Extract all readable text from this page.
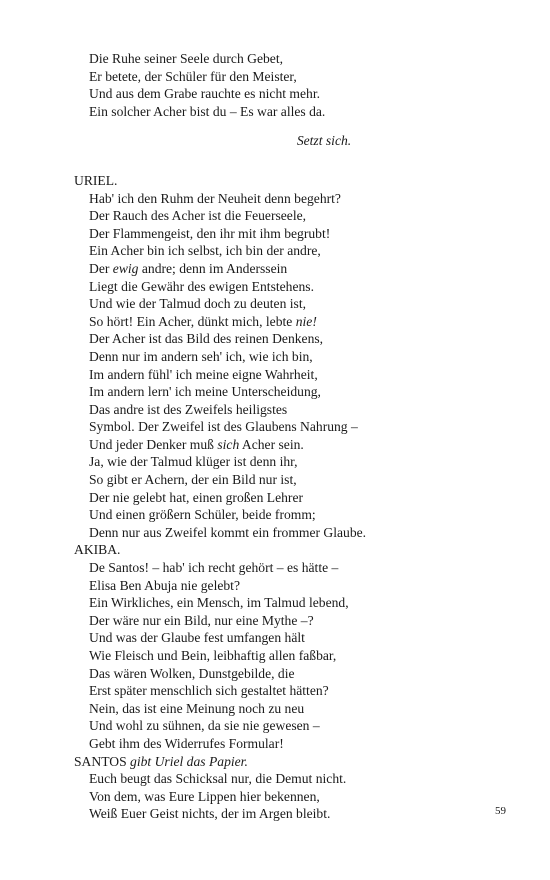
Die Ruhe seiner Seele durch Gebet,
Er betete, der Schüler für den Meister,
Und aus dem Grabe rauchte es nicht mehr.
Ein solcher Acher bist du – Es war alles da.
Setzt sich.
URIEL.
Hab' ich den Ruhm der Neuheit denn begehrt?
Der Rauch des Acher ist die Feuerseele,
Der Flammengeist, den ihr mit ihm begrubt!
Ein Acher bin ich selbst, ich bin der andre,
Der ewig andre; denn im Anderssein
Liegt die Gewähr des ewigen Entstehens.
Und wie der Talmud doch zu deuten ist,
So hört! Ein Acher, dünkt mich, lebte nie!
Der Acher ist das Bild des reinen Denkens,
Denn nur im andern seh' ich, wie ich bin,
Im andern fühl' ich meine eigne Wahrheit,
Im andern lern' ich meine Unterscheidung,
Das andre ist des Zweifels heiligstes
Symbol. Der Zweifel ist des Glaubens Nahrung –
Und jeder Denker muß sich Acher sein.
Ja, wie der Talmud klüger ist denn ihr,
So gibt er Achern, der ein Bild nur ist,
Der nie gelebt hat, einen großen Lehrer
Und einen größern Schüler, beide fromm;
Denn nur aus Zweifel kommt ein frommer Glaube.
AKIBA.
De Santos! – hab' ich recht gehört – es hätte –
Elisa Ben Abuja nie gelebt?
Ein Wirkliches, ein Mensch, im Talmud lebend,
Der wäre nur ein Bild, nur eine Mythe –?
Und was der Glaube fest umfangen hält
Wie Fleisch und Bein, leibhaftig allen faßbar,
Das wären Wolken, Dunstgebilde, die
Erst später menschlich sich gestaltet hätten?
Nein, das ist eine Meinung noch zu neu
Und wohl zu sühnen, da sie nie gewesen –
Gebt ihm des Widerrufes Formular!
SANTOS gibt Uriel das Papier.
Euch beugt das Schicksal nur, die Demut nicht.
Von dem, was Eure Lippen hier bekennen,
Weiß Euer Geist nichts, der im Argen bleibt.	59
